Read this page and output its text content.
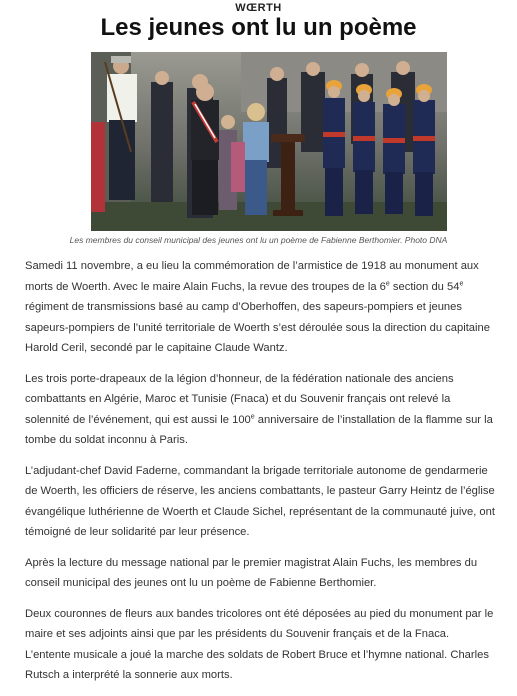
WŒRTH
Les jeunes ont lu un poème
Les membres du conseil municipal des jeunes ont lu un poème de Fabienne Berthomier. Photo DNA

Samedi 11 novembre, a eu lieu la commémoration de l’armistice de 1918 au monument aux morts de Woerth. Avec le maire Alain Fuchs, la revue des troupes de la 6e section du 54e régiment de transmissions basé au camp d’Oberhoffen, des sapeurs-pompiers et jeunes sapeurs-pompiers de l’unité territoriale de Woerth s’est déroulée sous la direction du capitaine Harold Ceril, secondé par le capitaine Claude Wantz.

Les trois porte-drapeaux de la légion d’honneur, de la fédération nationale des anciens combattants en Algérie, Maroc et Tunisie (Fnaca) et du Souvenir français ont relevé la solennité de l’événement, qui est aussi le 100e anniversaire de l’installation de la flamme sur la tombe du soldat inconnu à Paris.

L’adjudant-chef David Faderne, commandant la brigade territoriale autonome de gendarmerie de Woerth, les officiers de réserve, les anciens combattants, le pasteur Garry Heintz de l’église évangélique luthérienne de Woerth et Claude Sichel, représentant de la communauté juive, ont témoigné de leur solidarité par leur présence.

Après la lecture du message national par le premier magistrat Alain Fuchs, les membres du conseil municipal des jeunes ont lu un poème de Fabienne Berthomier.

Deux couronnes de fleurs aux bandes tricolores ont été déposées au pied du monument par le maire et ses adjoints ainsi que par les présidents du Souvenir français et de la Fnaca. L’entente musicale a joué la marche des soldats de Robert Bruce et l’hymne national. Charles Rutsch a interprété la sonnerie aux morts.
